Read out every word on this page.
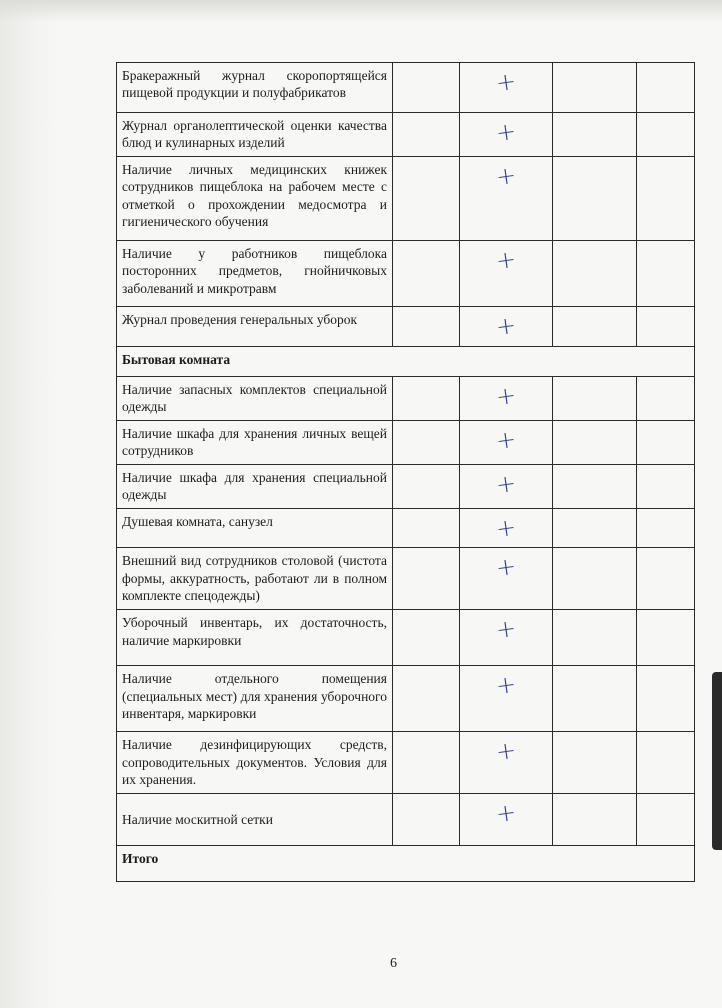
Бракеражный журнал скоропортящейся пищевой продукции и полуфабрикатов		+		
Журнал органолептической оценки качества блюд и кулинарных изделий		+		
Наличие личных медицинских книжек сотрудников пищеблока на рабочем месте с отметкой о прохождении медосмотра и гигиенического обучения		+		
Наличие у работников пищеблока посторонних предметов, гнойничковых заболеваний и микротравм		+		
Журнал проведения генеральных уборок		+		
Бытовая комната				
Наличие запасных комплектов специальной одежды		+		
Наличие шкафа для хранения личных вещей сотрудников		+		
Наличие шкафа для хранения специальной одежды		+		
Душевая комната, санузел		+		
Внешний вид сотрудников столовой (чистота формы, аккуратность, работают ли в полном комплекте спецодежды)		+		
Уборочный инвентарь, их достаточность, наличие маркировки		+		
Наличие отдельного помещения (специальных мест) для хранения уборочного инвентаря, маркировки		+		
Наличие дезинфицирующих средств, сопроводительных документов. Условия для их хранения.		+		
Наличие москитной сетки		+		
Итого				
6
